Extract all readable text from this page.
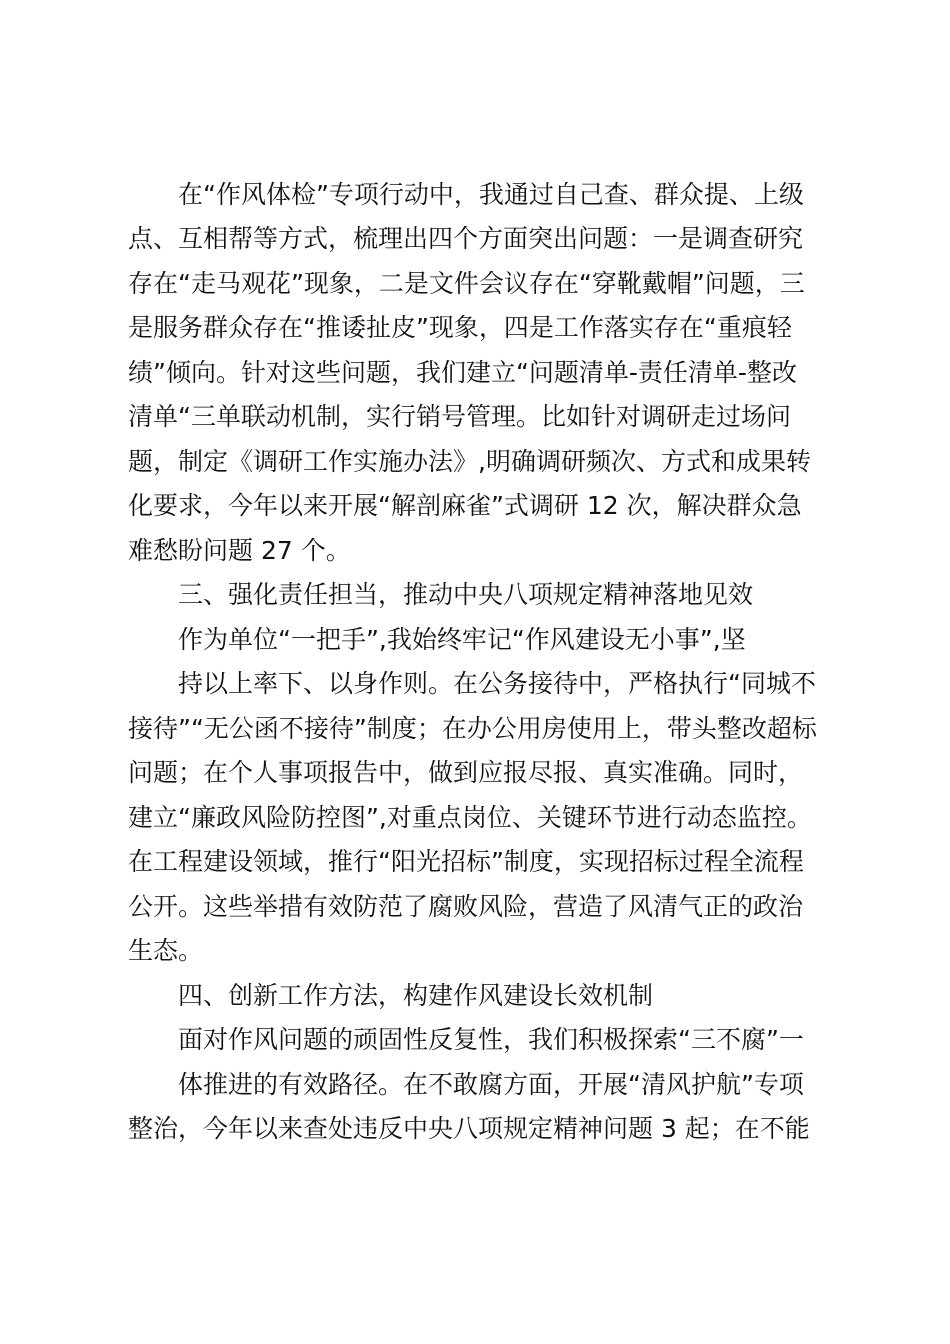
在“作风体检”专项行动中，我通过自己查、群众提、上级
点、互相帮等方式，梳理出四个方面突出问题：一是调查研究
存在“走马观花”现象，二是文件会议存在“穿靴戴帽”问题，三
是服务群众存在“推诿扯皮”现象，四是工作落实存在“重痕轻
绩”倾向。针对这些问题，我们建立“问题清单-责任清单-整改
清单“三单联动机制，实行销号管理。比如针对调研走过场问
题，制定《调研工作实施办法》,明确调研频次、方式和成果转
化要求，今年以来开展“解剖麻雀”式调研 12 次，解决群众急
难愁盼问题 27 个。
三、强化责任担当，推动中央八项规定精神落地见效
作为单位“一把手”,我始终牢记“作风建设无小事”,坚
持以上率下、以身作则。在公务接待中，严格执行“同城不
接待”“无公函不接待”制度；在办公用房使用上，带头整改超标
问题；在个人事项报告中，做到应报尽报、真实准确。同时，
建立“廉政风险防控图”,对重点岗位、关键环节进行动态监控。
在工程建设领域，推行“阳光招标”制度，实现招标过程全流程
公开。这些举措有效防范了腐败风险，营造了风清气正的政治
生态。
四、创新工作方法，构建作风建设长效机制
面对作风问题的顽固性反复性，我们积极探索“三不腐”一
体推进的有效路径。在不敢腐方面，开展“清风护航”专项
整治，今年以来查处违反中央八项规定精神问题 3 起；在不能
